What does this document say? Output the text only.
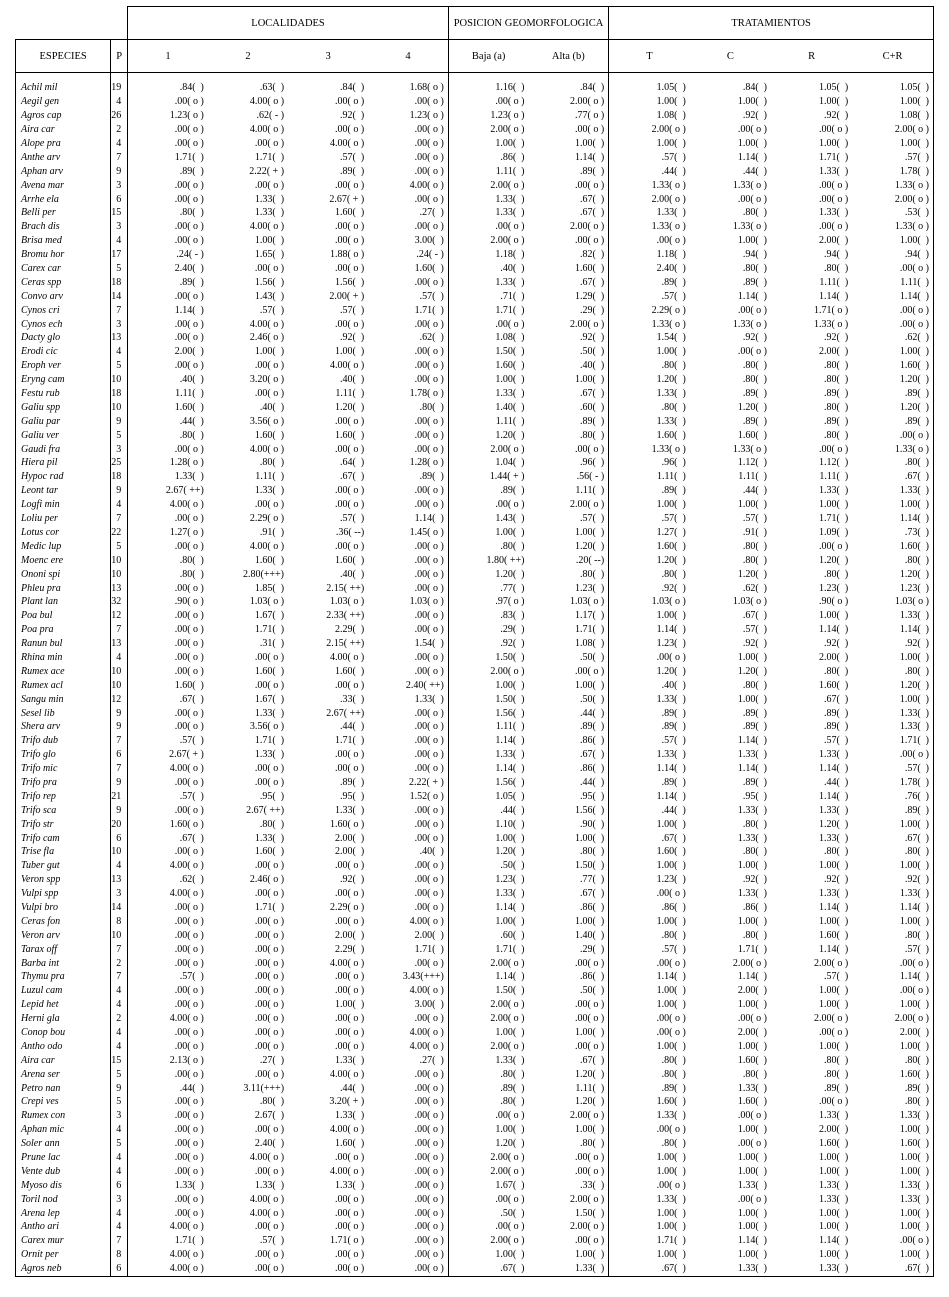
		LOCALIDADES				POSICION GEOMORFOLOGICA		TRATAMIENTOS			
ESPECIES	P	1	2	3	4	Baja (a)	Alta (b)	T	C	R	C+R

Achil mil	19	.84(  )	.63(  )	.84(  )	1.68( o )	1.16(  )	.84(  )	1.05(  )	.84(  )	1.05(  )	1.05(  )
Aegil gen	4	.00( o )	4.00( o )	.00( o )	.00( o )	.00( o )	2.00( o )	1.00(  )	1.00(  )	1.00(  )	1.00(  )
Agros cap	26	1.23( o )	.62( - )	.92(  )	1.23( o )	1.23( o )	.77( o )	1.08(  )	.92(  )	.92(  )	1.08(  )
Aira car	2	.00( o )	4.00( o )	.00( o )	.00( o )	2.00( o )	.00( o )	2.00( o )	.00( o )	.00( o )	2.00( o )
Alope pra	4	.00( o )	.00( o )	4.00( o )	.00( o )	1.00(  )	1.00(  )	1.00(  )	1.00(  )	1.00(  )	1.00(  )
Anthe arv	7	1.71(  )	1.71(  )	.57(  )	.00( o )	.86(  )	1.14(  )	.57(  )	1.14(  )	1.71(  )	.57(  )
Aphan arv	9	.89(  )	2.22( + )	.89(  )	.00( o )	1.11(  )	.89(  )	.44(  )	.44(  )	1.33(  )	1.78(  )
Avena mar	3	.00( o )	.00( o )	.00( o )	4.00( o )	2.00( o )	.00( o )	1.33( o )	1.33( o )	.00( o )	1.33( o )
Arrhe ela	6	.00( o )	1.33(  )	2.67( + )	.00( o )	1.33(  )	.67(  )	2.00( o )	.00( o )	.00( o )	2.00( o )
Belli per	15	.80(  )	1.33(  )	1.60(  )	.27(  )	1.33(  )	.67(  )	1.33(  )	.80(  )	1.33(  )	.53(  )
Brach dis	3	.00( o )	4.00( o )	.00( o )	.00( o )	.00( o )	2.00( o )	1.33( o )	1.33( o )	.00( o )	1.33( o )
Brisa med	4	.00( o )	1.00(  )	.00( o )	3.00(  )	2.00( o )	.00( o )	.00( o )	1.00(  )	2.00(  )	1.00(  )
Bromu hor	17	.24( - )	1.65(  )	1.88( o )	.24( - )	1.18(  )	.82(  )	1.18(  )	.94(  )	.94(  )	.94(  )
Carex car	5	2.40(  )	.00( o )	.00( o )	1.60(  )	.40(  )	1.60(  )	2.40(  )	.80(  )	.80(  )	.00( o )
Ceras spp	18	.89(  )	1.56(  )	1.56(  )	.00( o )	1.33(  )	.67(  )	.89(  )	.89(  )	1.11(  )	1.11(  )
Convo arv	14	.00( o )	1.43(  )	2.00( + )	.57(  )	.71(  )	1.29(  )	.57(  )	1.14(  )	1.14(  )	1.14(  )
Cynos cri	7	1.14(  )	.57(  )	.57(  )	1.71(  )	1.71(  )	.29(  )	2.29( o )	.00( o )	1.71( o )	.00( o )
Cynos ech	3	.00( o )	4.00( o )	.00( o )	.00( o )	.00( o )	2.00( o )	1.33( o )	1.33( o )	1.33( o )	.00( o )
Dacty glo	13	.00( o )	2.46( o )	.92(  )	.62(  )	1.08(  )	.92(  )	1.54(  )	.92(  )	.92(  )	.62(  )
Erodi cic	4	2.00(  )	1.00(  )	1.00(  )	.00( o )	1.50(  )	.50(  )	1.00(  )	.00( o )	2.00(  )	1.00(  )
Eroph ver	5	.00( o )	.00( o )	4.00( o )	.00( o )	1.60(  )	.40(  )	.80(  )	.80(  )	.80(  )	1.60(  )
Eryng cam	10	.40(  )	3.20( o )	.40(  )	.00( o )	1.00(  )	1.00(  )	1.20(  )	.80(  )	.80(  )	1.20(  )
Festu rub	18	1.11(  )	.00( o )	1.11(  )	1.78( o )	1.33(  )	.67(  )	1.33(  )	.89(  )	.89(  )	.89(  )
Galiu spp	10	1.60(  )	.40(  )	1.20(  )	.80(  )	1.40(  )	.60(  )	.80(  )	1.20(  )	.80(  )	1.20(  )
Galiu par	9	.44(  )	3.56( o )	.00( o )	.00( o )	1.11(  )	.89(  )	1.33(  )	.89(  )	.89(  )	.89(  )
Galiu ver	5	.80(  )	1.60(  )	1.60(  )	.00( o )	1.20(  )	.80(  )	1.60(  )	1.60(  )	.80(  )	.00( o )
Gaudi fra	3	.00( o )	4.00( o )	.00( o )	.00( o )	2.00( o )	.00( o )	1.33( o )	1.33( o )	.00( o )	1.33( o )
Hiera pil	25	1.28( o )	.80(  )	.64(  )	1.28( o )	1.04(  )	.96(  )	.96(  )	1.12(  )	1.12(  )	.80(  )
Hypoc rad	18	1.33(  )	1.11(  )	.67(  )	.89(  )	1.44( + )	.56( - )	1.11(  )	1.11(  )	1.11(  )	.67(  )
Leont tar	9	2.67( ++)	1.33(  )	.00( o )	.00( o )	.89(  )	1.11(  )	.89(  )	.44(  )	1.33(  )	1.33(  )
Logfi min	4	4.00( o )	.00( o )	.00( o )	.00( o )	.00( o )	2.00( o )	1.00(  )	1.00(  )	1.00(  )	1.00(  )
Loliu per	7	.00( o )	2.29( o )	.57(  )	1.14(  )	1.43(  )	.57(  )	.57(  )	.57(  )	1.71(  )	1.14(  )
Lotus cor	22	1.27( o )	.91(  )	.36( --)	1.45( o )	1.00(  )	1.00(  )	1.27(  )	.91(  )	1.09(  )	.73(  )
Medic lup	5	.00( o )	4.00( o )	.00( o )	.00( o )	.80(  )	1.20(  )	1.60(  )	.80(  )	.00( o )	1.60(  )
Moenc ere	10	.80(  )	1.60(  )	1.60(  )	.00( o )	1.80( ++)	.20( --)	1.20(  )	.80(  )	1.20(  )	.80(  )
Ononi spi	10	.80(  )	2.80(+++)	.40(  )	.00( o )	1.20(  )	.80(  )	.80(  )	1.20(  )	.80(  )	1.20(  )
Phleu pra	13	.00( o )	1.85(  )	2.15( ++)	.00( o )	.77(  )	1.23(  )	.92(  )	.62(  )	1.23(  )	1.23(  )
Plant lan	32	.90( o )	1.03( o )	1.03( o )	1.03( o )	.97( o )	1.03( o )	1.03( o )	1.03( o )	.90( o )	1.03( o )
Poa bul	12	.00( o )	1.67(  )	2.33( ++)	.00( o )	.83(  )	1.17(  )	1.00(  )	.67(  )	1.00(  )	1.33(  )
Poa pra	7	.00( o )	1.71(  )	2.29(  )	.00( o )	.29(  )	1.71(  )	1.14(  )	.57(  )	1.14(  )	1.14(  )
Ranun bul	13	.00( o )	.31(  )	2.15( ++)	1.54(  )	.92(  )	1.08(  )	1.23(  )	.92(  )	.92(  )	.92(  )
Rhina min	4	.00( o )	.00( o )	4.00( o )	.00( o )	1.50(  )	.50(  )	.00( o )	1.00(  )	2.00(  )	1.00(  )
Rumex ace	10	.00( o )	1.60(  )	1.60(  )	.00( o )	2.00( o )	.00( o )	1.20(  )	1.20(  )	.80(  )	.80(  )
Rumex acl	10	1.60(  )	.00( o )	.00( o )	2.40( ++)	1.00(  )	1.00(  )	.40(  )	.80(  )	1.60(  )	1.20(  )
Sangu min	12	.67(  )	1.67(  )	.33(  )	1.33(  )	1.50(  )	.50(  )	1.33(  )	1.00(  )	.67(  )	1.00(  )
Sesel lib	9	.00( o )	1.33(  )	2.67( ++)	.00( o )	1.56(  )	.44(  )	.89(  )	.89(  )	.89(  )	1.33(  )
Shera arv	9	.00( o )	3.56( o )	.44(  )	.00( o )	1.11(  )	.89(  )	.89(  )	.89(  )	.89(  )	1.33(  )
Trifo dub	7	.57(  )	1.71(  )	1.71(  )	.00( o )	1.14(  )	.86(  )	.57(  )	1.14(  )	.57(  )	1.71(  )
Trifo glo	6	2.67( + )	1.33(  )	.00( o )	.00( o )	1.33(  )	.67(  )	1.33(  )	1.33(  )	1.33(  )	.00( o )
Trifo mic	7	4.00( o )	.00( o )	.00( o )	.00( o )	1.14(  )	.86(  )	1.14(  )	1.14(  )	1.14(  )	.57(  )
Trifo pra	9	.00( o )	.00( o )	.89(  )	2.22( + )	1.56(  )	.44(  )	.89(  )	.89(  )	.44(  )	1.78(  )
Trifo rep	21	.57(  )	.95(  )	.95(  )	1.52( o )	1.05(  )	.95(  )	1.14(  )	.95(  )	1.14(  )	.76(  )
Trifo sca	9	.00( o )	2.67( ++)	1.33(  )	.00( o )	.44(  )	1.56(  )	.44(  )	1.33(  )	1.33(  )	.89(  )
Trifo str	20	1.60( o )	.80(  )	1.60( o )	.00( o )	1.10(  )	.90(  )	1.00(  )	.80(  )	1.20(  )	1.00(  )
Trifo cam	6	.67(  )	1.33(  )	2.00(  )	.00( o )	1.00(  )	1.00(  )	.67(  )	1.33(  )	1.33(  )	.67(  )
Trise fla	10	.00( o )	1.60(  )	2.00(  )	.40(  )	1.20(  )	.80(  )	1.60(  )	.80(  )	.80(  )	.80(  )
Tuber gut	4	4.00( o )	.00( o )	.00( o )	.00( o )	.50(  )	1.50(  )	1.00(  )	1.00(  )	1.00(  )	1.00(  )
Veron spp	13	.62(  )	2.46( o )	.92(  )	.00( o )	1.23(  )	.77(  )	1.23(  )	.92(  )	.92(  )	.92(  )
Vulpi spp	3	4.00( o )	.00( o )	.00( o )	.00( o )	1.33(  )	.67(  )	.00( o )	1.33(  )	1.33(  )	1.33(  )
Vulpi bro	14	.00( o )	1.71(  )	2.29( o )	.00( o )	1.14(  )	.86(  )	.86(  )	.86(  )	1.14(  )	1.14(  )
Ceras fon	8	.00( o )	.00( o )	.00( o )	4.00( o )	1.00(  )	1.00(  )	1.00(  )	1.00(  )	1.00(  )	1.00(  )
Veron arv	10	.00( o )	.00( o )	2.00(  )	2.00(  )	.60(  )	1.40(  )	.80(  )	.80(  )	1.60(  )	.80(  )
Tarax off	7	.00( o )	.00( o )	2.29(  )	1.71(  )	1.71(  )	.29(  )	.57(  )	1.71(  )	1.14(  )	.57(  )
Barba int	2	.00( o )	.00( o )	4.00( o )	.00( o )	2.00( o )	.00( o )	.00( o )	2.00( o )	2.00( o )	.00( o )
Thymu pra	7	.57(  )	.00( o )	.00( o )	3.43(+++)	1.14(  )	.86(  )	1.14(  )	1.14(  )	.57(  )	1.14(  )
Luzul cam	4	.00( o )	.00( o )	.00( o )	4.00( o )	1.50(  )	.50(  )	1.00(  )	2.00(  )	1.00(  )	.00( o )
Lepid het	4	.00( o )	.00( o )	1.00(  )	3.00(  )	2.00( o )	.00( o )	1.00(  )	1.00(  )	1.00(  )	1.00(  )
Herni gla	2	4.00( o )	.00( o )	.00( o )	.00( o )	2.00( o )	.00( o )	.00( o )	.00( o )	2.00( o )	2.00( o )
Conop bou	4	.00( o )	.00( o )	.00( o )	4.00( o )	1.00(  )	1.00(  )	.00( o )	2.00(  )	.00( o )	2.00(  )
Antho odo	4	.00( o )	.00( o )	.00( o )	4.00( o )	2.00( o )	.00( o )	1.00(  )	1.00(  )	1.00(  )	1.00(  )
Aira car	15	2.13( o )	.27(  )	1.33(  )	.27(  )	1.33(  )	.67(  )	.80(  )	1.60(  )	.80(  )	.80(  )
Arena ser	5	.00( o )	.00( o )	4.00( o )	.00( o )	.80(  )	1.20(  )	.80(  )	.80(  )	.80(  )	1.60(  )
Petro nan	9	.44(  )	3.11(+++)	.44(  )	.00( o )	.89(  )	1.11(  )	.89(  )	1.33(  )	.89(  )	.89(  )
Crepi ves	5	.00( o )	.80(  )	3.20( + )	.00( o )	.80(  )	1.20(  )	1.60(  )	1.60(  )	.00( o )	.80(  )
Rumex con	3	.00( o )	2.67(  )	1.33(  )	.00( o )	.00( o )	2.00( o )	1.33(  )	.00( o )	1.33(  )	1.33(  )
Aphan mic	4	.00( o )	.00( o )	4.00( o )	.00( o )	1.00(  )	1.00(  )	.00( o )	1.00(  )	2.00(  )	1.00(  )
Soler ann	5	.00( o )	2.40(  )	1.60(  )	.00( o )	1.20(  )	.80(  )	.80(  )	.00( o )	1.60(  )	1.60(  )
Prune lac	4	.00( o )	4.00( o )	.00( o )	.00( o )	2.00( o )	.00( o )	1.00(  )	1.00(  )	1.00(  )	1.00(  )
Vente dub	4	.00( o )	.00( o )	4.00( o )	.00( o )	2.00( o )	.00( o )	1.00(  )	1.00(  )	1.00(  )	1.00(  )
Myoso dis	6	1.33(  )	1.33(  )	1.33(  )	.00( o )	1.67(  )	.33(  )	.00( o )	1.33(  )	1.33(  )	1.33(  )
Toril nod	3	.00( o )	4.00( o )	.00( o )	.00( o )	.00( o )	2.00( o )	1.33(  )	.00( o )	1.33(  )	1.33(  )
Arena lep	4	.00( o )	4.00( o )	.00( o )	.00( o )	.50(  )	1.50(  )	1.00(  )	1.00(  )	1.00(  )	1.00(  )
Antho ari	4	4.00( o )	.00( o )	.00( o )	.00( o )	.00( o )	2.00( o )	1.00(  )	1.00(  )	1.00(  )	1.00(  )
Carex mur	7	1.71(  )	.57(  )	1.71( o )	.00( o )	2.00( o )	.00( o )	1.71(  )	1.14(  )	1.14(  )	.00( o )
Ornit per	8	4.00( o )	.00( o )	.00( o )	.00( o )	1.00(  )	1.00(  )	1.00(  )	1.00(  )	1.00(  )	1.00(  )
Agros neb	6	4.00( o )	.00( o )	.00( o )	.00( o )	.67(  )	1.33(  )	.67(  )	1.33(  )	1.33(  )	.67(  )
